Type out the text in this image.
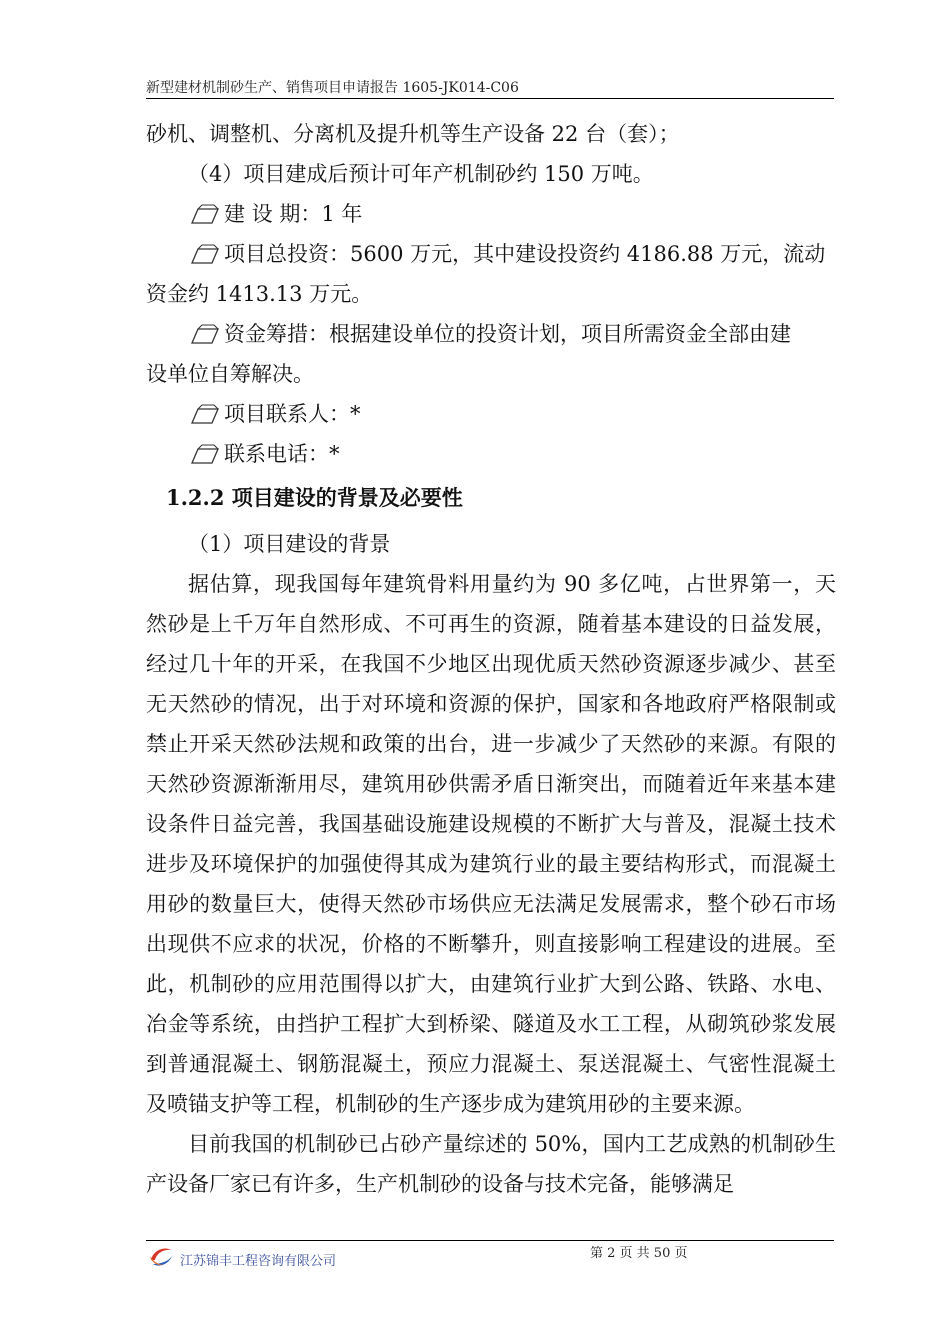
新型建材机制砂生产、销售项目申请报告 1605-JK014-C06

砂机、调整机、分离机及提升机等生产设备 22 台（套）；

（4）项目建成后预计可年产机制砂约 150 万吨。

建 设 期：1 年
项目总投资：5600 万元，其中建设投资约 4186.88 万元，流动

资金约 1413.13 万元。

资金筹措：根据建设单位的投资计划，项目所需资金全部由建

设单位自筹解决。

项目联系人：*
联系电话：*
1.2.2 项目建设的背景及必要性

（1）项目建设的背景

据估算，现我国每年建筑骨料用量约为 90 多亿吨，占世界第一，天然砂是上千万年自然形成、不可再生的资源，随着基本建设的日益发展，经过几十年的开采，在我国不少地区出现优质天然砂资源逐步减少、甚至无天然砂的情况，出于对环境和资源的保护，国家和各地政府严格限制或禁止开采天然砂法规和政策的出台，进一步减少了天然砂的来源。有限的天然砂资源渐渐用尽，建筑用砂供需矛盾日渐突出，而随着近年来基本建设条件日益完善，我国基础设施建设规模的不断扩大与普及，混凝土技术进步及环境保护的加强使得其成为建筑行业的最主要结构形式，而混凝土用砂的数量巨大，使得天然砂市场供应无法满足发展需求，整个砂石市场出现供不应求的状况，价格的不断攀升，则直接影响工程建设的进展。至此，机制砂的应用范围得以扩大，由建筑行业扩大到公路、铁路、水电、冶金等系统，由挡护工程扩大到桥梁、隧道及水工工程，从砌筑砂浆发展到普通混凝土、钢筋混凝土，预应力混凝土、泵送混凝土、气密性混凝土及喷锚支护等工程，机制砂的生产逐步成为建筑用砂的主要来源。

目前我国的机制砂已占砂产量综述的 50%，国内工艺成熟的机制砂生产设备厂家已有许多，生产机制砂的设备与技术完备，能够满足

江苏锦丰工程咨询有限公司
第 2 页 共 50 页
